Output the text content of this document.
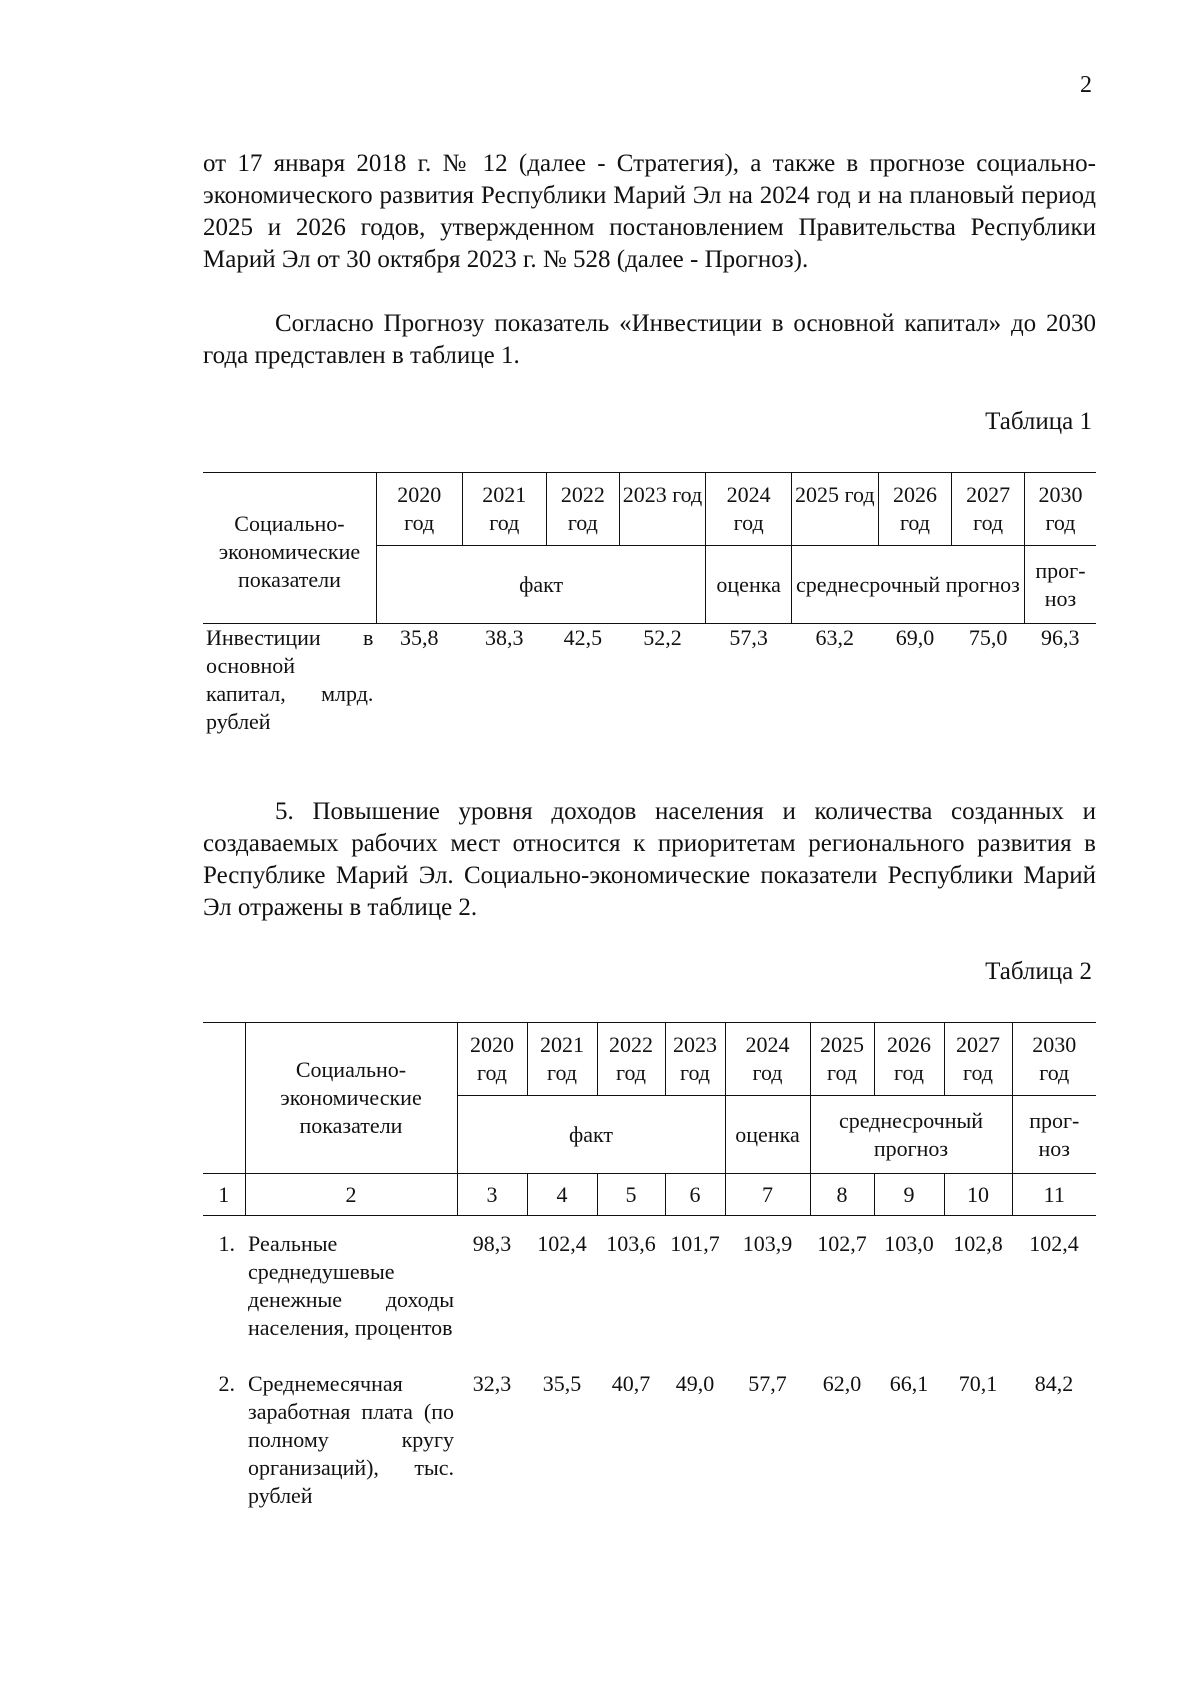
2

от 17 января 2018 г. № 12 (далее - Стратегия), а также в прогнозе социально-экономического развития Республики Марий Эл на 2024 год и на плановый период 2025 и 2026 годов, утвержденном постановлением Правительства Республики Марий Эл от 30 октября 2023 г. № 528 (далее - Прогноз).

Согласно Прогнозу показатель «Инвестиции в основной капитал» до 2030 года представлен в таблице 1.

Таблица 1
Социально-экономические показатели	2020 год	2021 год	2022 год	2023 год	2024 год	2025 год	2026 год	2027 год	2030 год
	факт				оценка	среднесрочный прогноз			прог-ноз
Инвестиции в основной капитал, млрд. рублей	35,8	38,3	42,5	52,2	57,3	63,2	69,0	75,0	96,3

5. Повышение уровня доходов населения и количества созданных и создаваемых рабочих мест относится к приоритетам регионального развития в Республике Марий Эл. Социально-экономические показатели Республики Марий Эл отражены в таблице 2.

Таблица 2
	Социально-экономические показатели	2020 год	2021 год	2022 год	2023 год	2024 год	2025 год	2026 год	2027 год	2030 год
		факт				оценка	среднесрочный прогноз			прог-ноз
1	2	3	4	5	6	7	8	9	10	11
1.	Реальные среднедушевые денежные доходы населения, процентов	98,3	102,4	103,6	101,7	103,9	102,7	103,0	102,8	102,4
2.	Среднемесячная заработная плата (по полному кругу организаций), тыс. рублей	32,3	35,5	40,7	49,0	57,7	62,0	66,1	70,1	84,2
